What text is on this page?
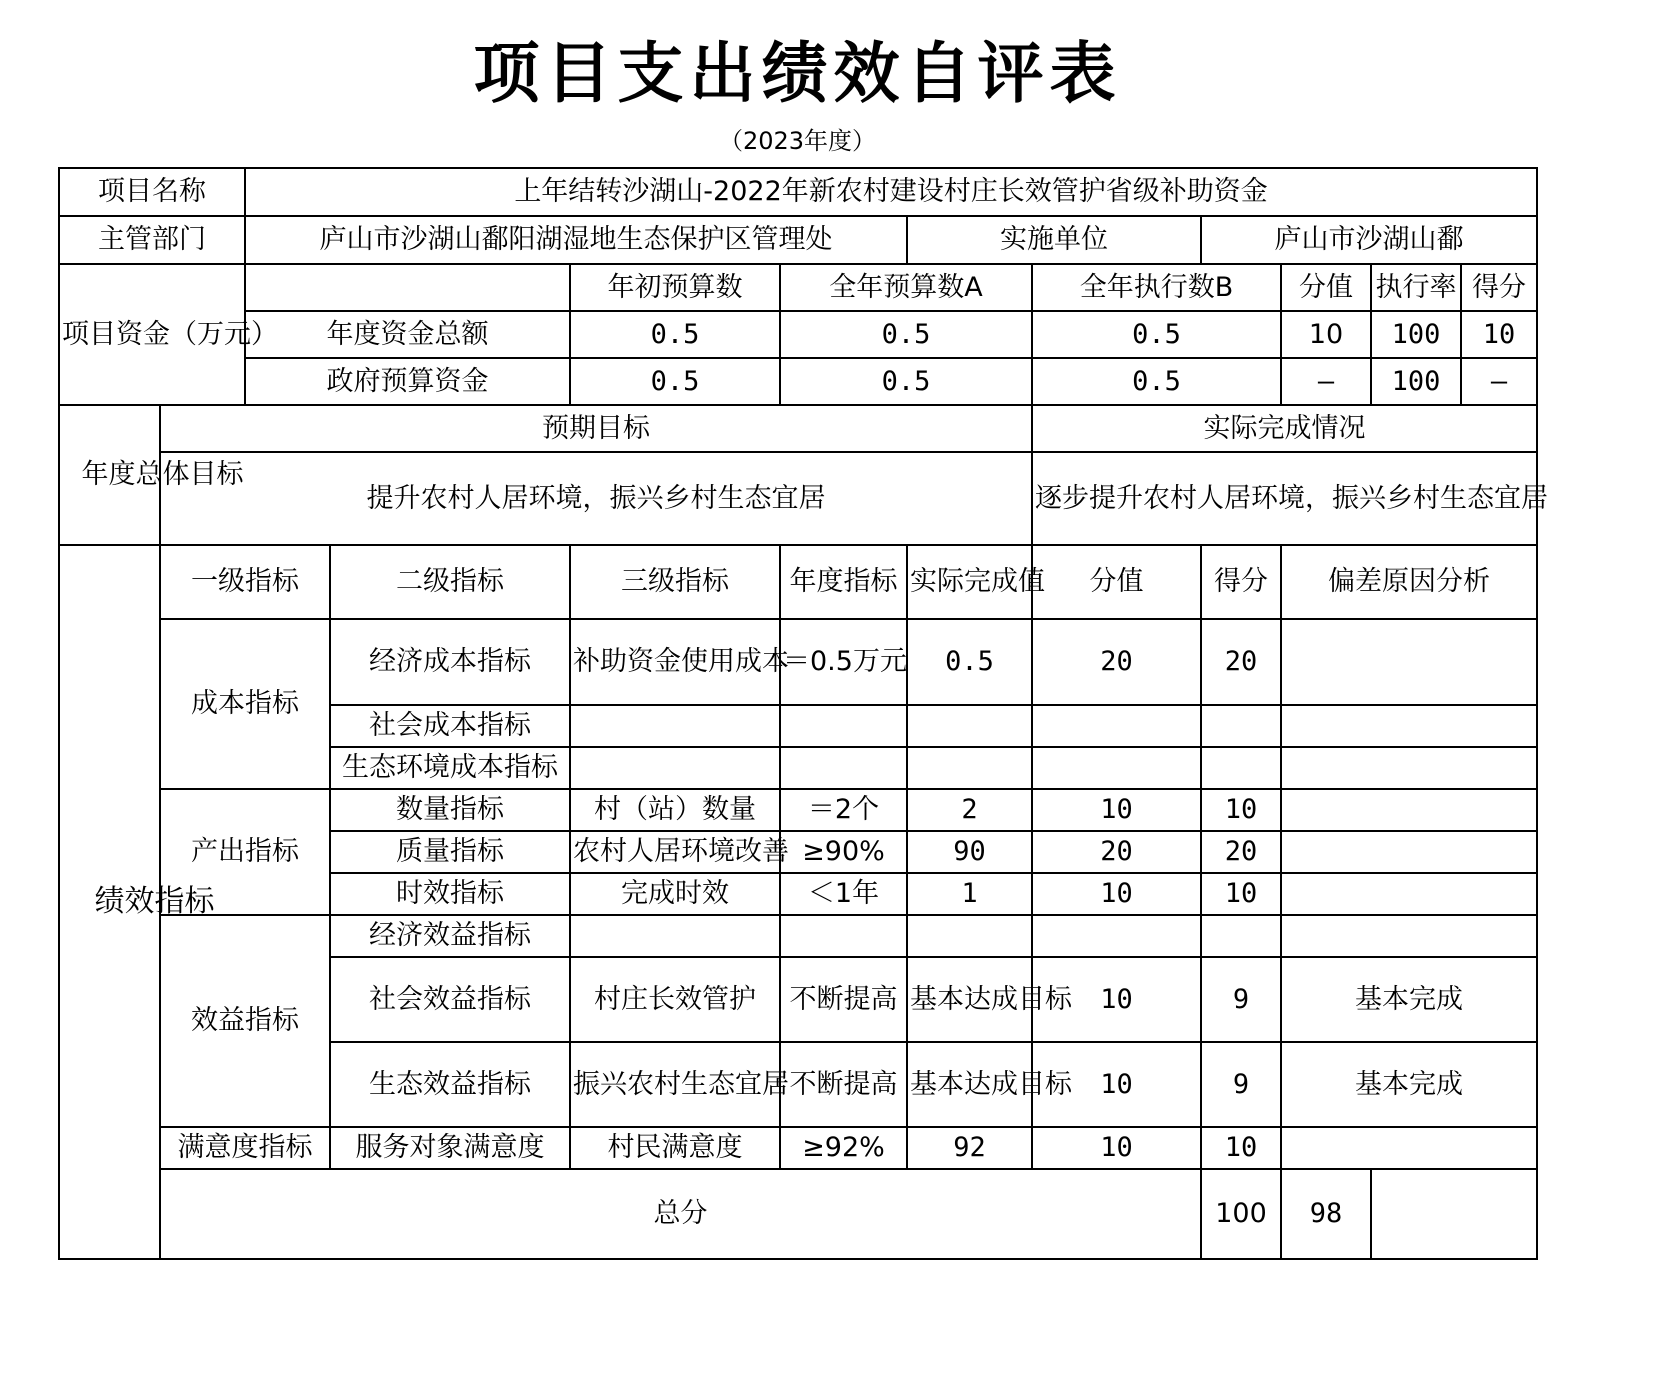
项目支出绩效自评表
（2023年度）
项目名称		上年结转沙湖山-2022年新农村建设村庄长效管护省级补助资金									
主管部门		庐山市沙湖山鄱阳湖湿地生态保护区管理处				实施单位		庐山市沙湖山鄱			
项目资金（万元）				年初预算数	全年预算数A		全年执行数B		分值	执行率	得分
		年度资金总额		0.5	0.5		0.5		10	100	10
		政府预算资金		0.5	0.5		0.5		—	100	—

年度总体目标	预期目标						实际完成情况				
	提升农村人居环境，振兴乡村生态宜居						逐步提升农村人居环境，振兴乡村生态宜居				

绩效指标	一级指标		二级指标	三级指标	年度指标	实际完成值	分值	得分	偏差原因分析		
	成本指标		经济成本指标	补助资金使用成本	＝0.5万元	0.5	20	20			
			社会成本指标								
			生态环境成本指标								
	产出指标		数量指标	村（站）数量	＝2个	2	10	10			
			质量指标	农村人居环境改善	≥90%	90	20	20			
			时效指标	完成时效	＜1年	1	10	10			
	效益指标		经济效益指标								
			社会效益指标	村庄长效管护	不断提高	基本达成目标	10	9	基本完成		
			生态效益指标	振兴农村生态宜居	不断提高	基本达成目标	10	9	基本完成		
	满意度指标		服务对象满意度	村民满意度	≥92%	92	10	10			
	总分							100	98		
